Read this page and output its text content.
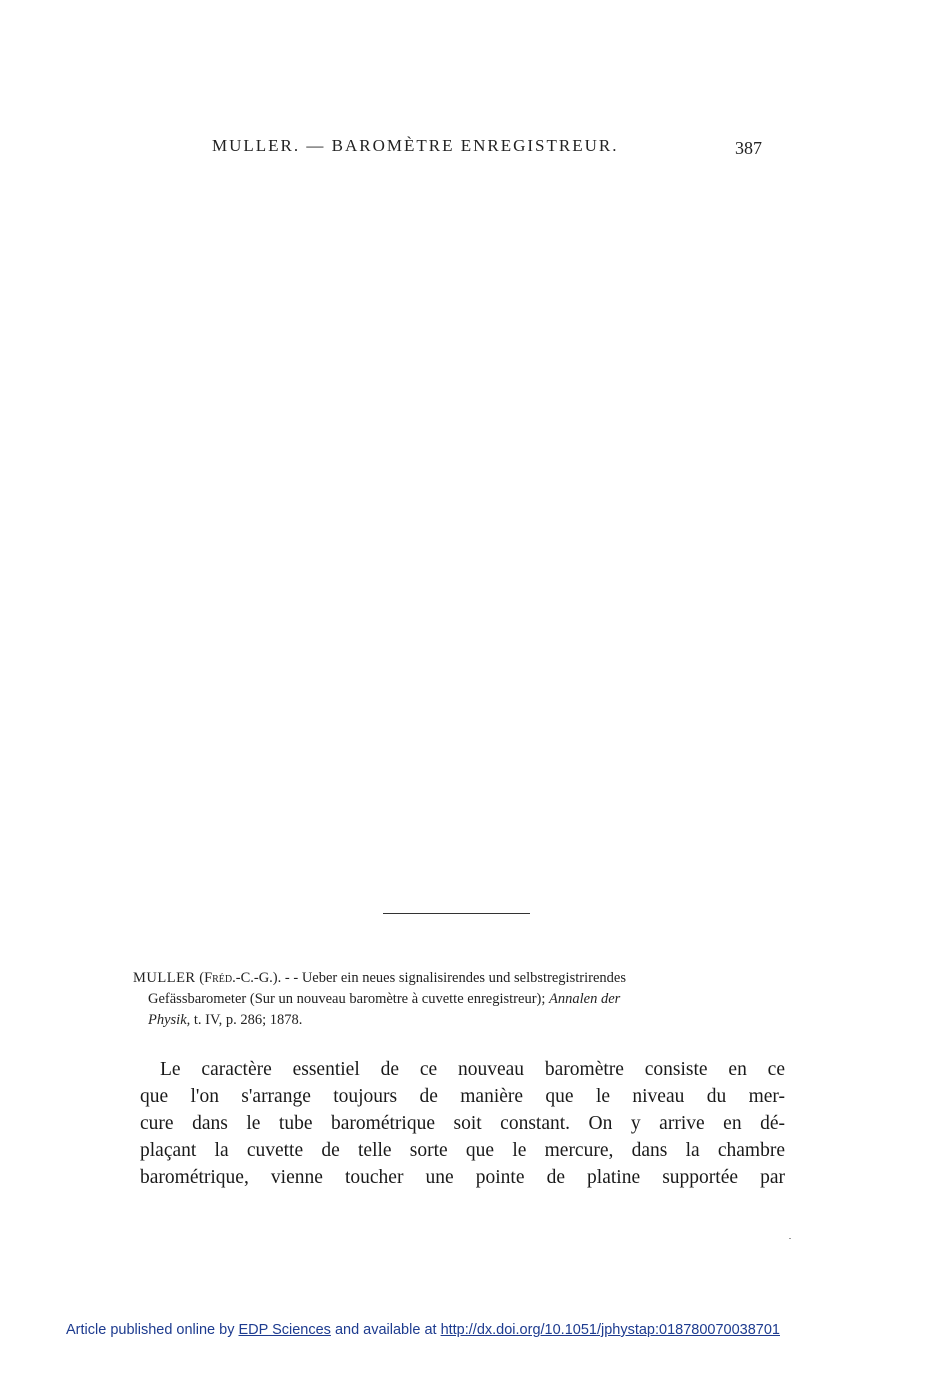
MULLER. — BAROMÈTRE ENREGISTREUR.	387
MULLER (Fréd.-C.-G.). - - Ueber ein neues signalisirendes und selbstregistrirendes
Gefässbarometer (Sur un nouveau baromètre à cuvette enregistreur); Annalen der
Physik, t. IV, p. 286; 1878.
Le caractère essentiel de ce nouveau baromètre consiste en ce
que l'on s'arrange toujours de manière que le niveau du mer-
cure dans le tube barométrique soit constant. On y arrive en dé-
plaçant la cuvette de telle sorte que le mercure, dans la chambre
barométrique, vienne toucher une pointe de platine supportée par
Article published online by EDP Sciences and available at http://dx.doi.org/10.1051/jphystap:018780070038701
